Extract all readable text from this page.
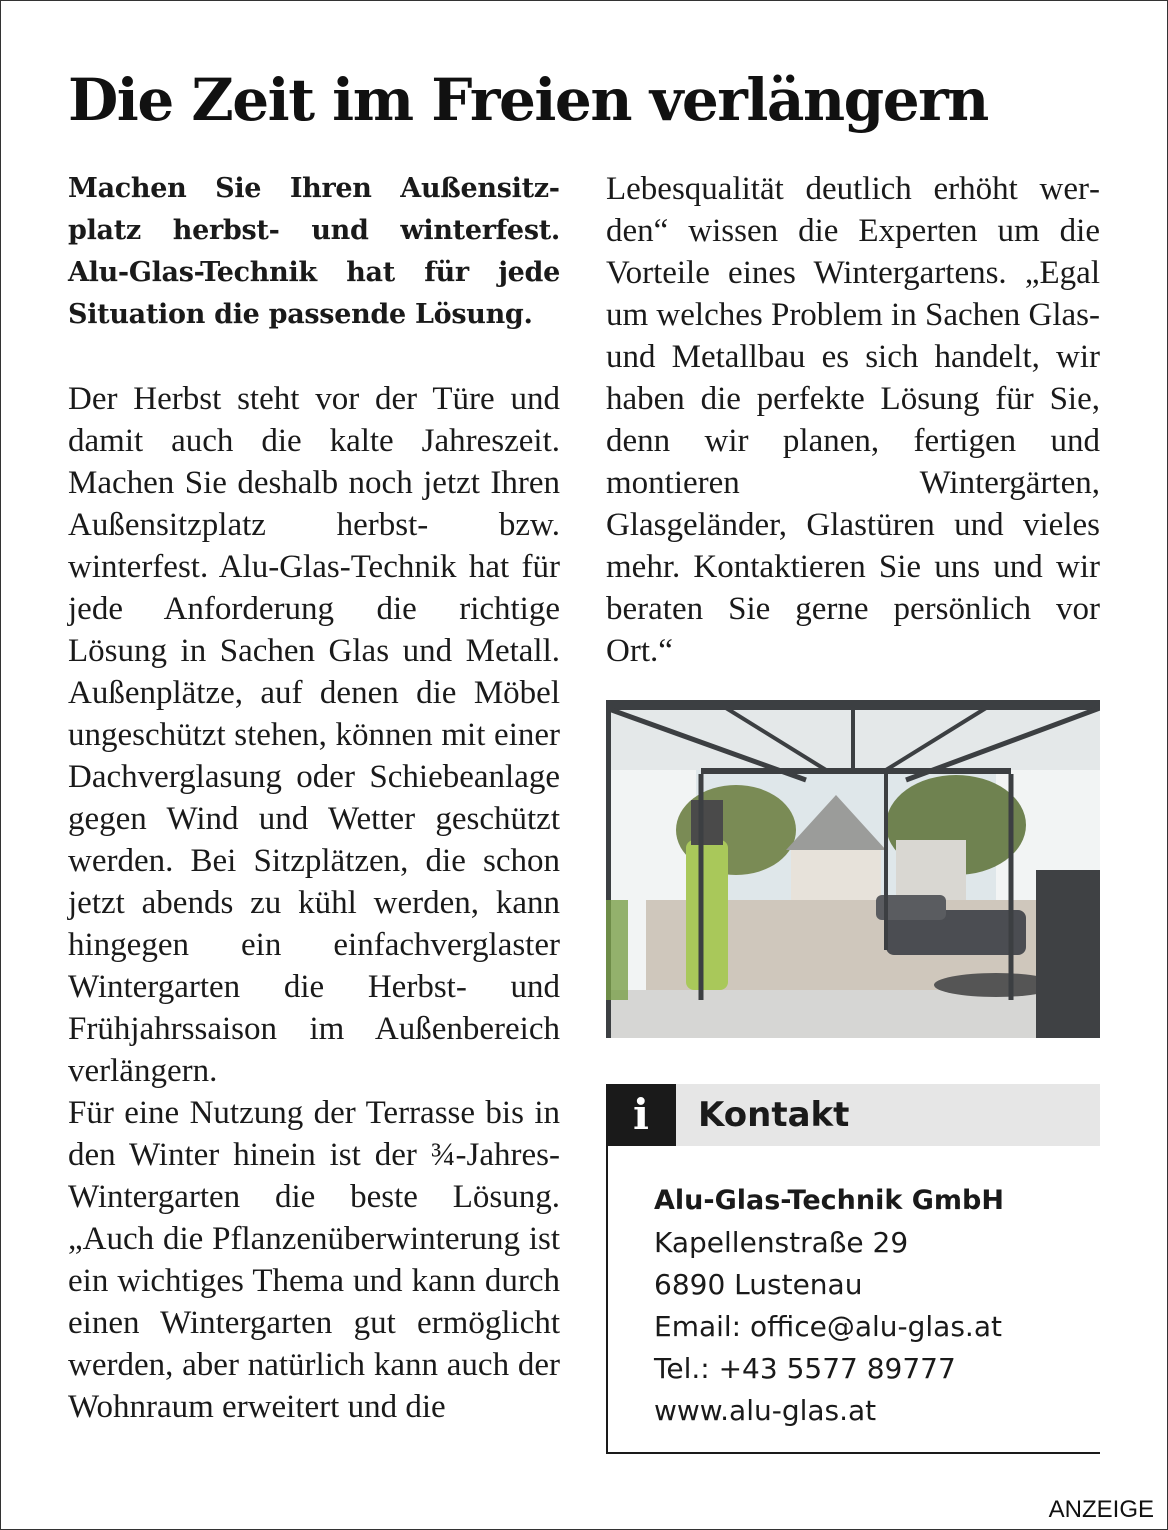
Die Zeit im Freien verlängern

Machen Sie Ihren Außensitzplatz herbst- und winterfest. Alu-Glas-Technik hat für jede Situation die passende Lösung.

Der Herbst steht vor der Türe und damit auch die kalte Jahreszeit. Machen Sie deshalb noch jetzt Ihren Außensitzplatz herbst- bzw. winterfest. Alu-Glas-Technik hat für jede Anforderung die richtige Lösung in Sachen Glas und Metall. Außenplätze, auf denen die Möbel ungeschützt stehen, können mit einer Dachverglasung oder Schiebeanlage gegen Wind und Wetter geschützt werden. Bei Sitzplätzen, die schon jetzt abends zu kühl werden, kann hingegen ein einfachverglaster Wintergarten die Herbst- und Frühjahrssaison im Außenbereich verlängern.

Für eine Nutzung der Terrasse bis in den Winter hinein ist der ¾-Jahres-Wintergarten die beste Lösung. „Auch die Pflanzenüberwinterung ist ein wichtiges Thema und kann durch einen Wintergarten gut ermöglicht werden, aber natürlich kann auch der Wohnraum erweitert und die

Lebesqualität deutlich erhöht werden“ wissen die Experten um die Vorteile eines Wintergartens. „Egal um welches Problem in Sachen Glas- und Metallbau es sich handelt, wir haben die perfekte Lösung für Sie, denn wir planen, fertigen und montieren Wintergärten, Glasgeländer, Glastüren und vieles mehr. Kontaktieren Sie uns und wir beraten Sie gerne persönlich vor Ort.“

i	Kontakt
Alu-Glas-Technik GmbH
Kapellenstraße 29
6890 Lustenau
Email: office@alu-glas.at
Tel.: +43 5577 89777
www.alu-glas.at
ANZEIGE
